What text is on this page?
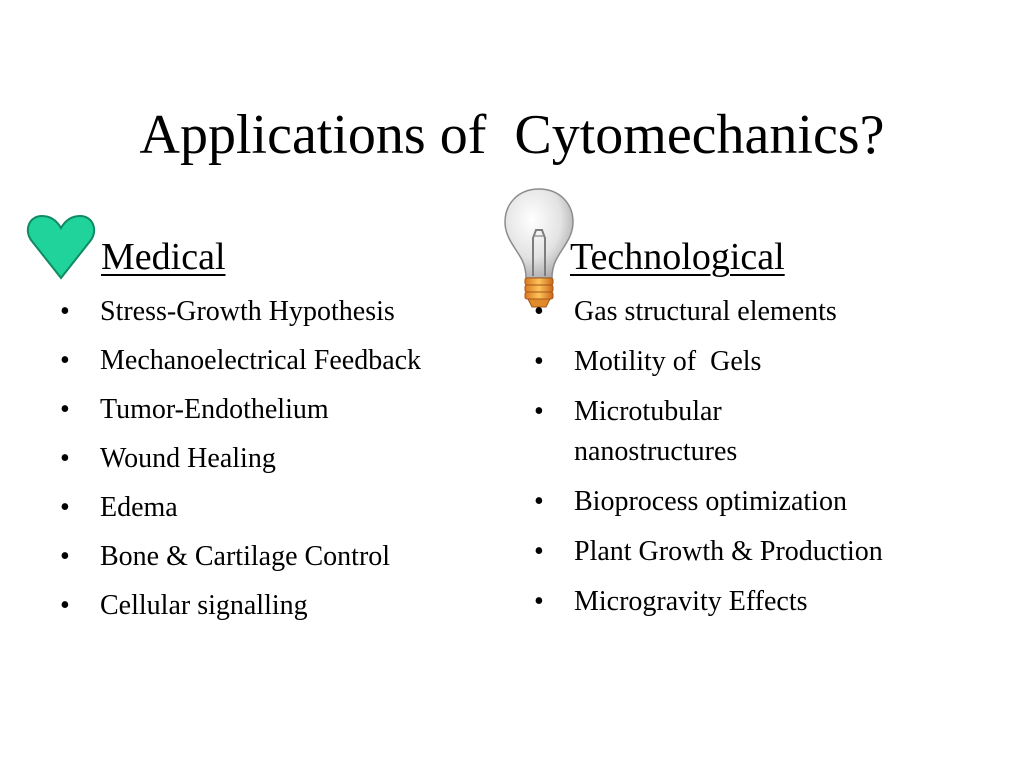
Applications of  Cytomechanics?
Medical
• Stress-Growth Hypothesis
• Mechanoelectrical Feedback
• Tumor-Endothelium
• Wound Healing
• Edema
• Bone & Cartilage Control
• Cellular signalling
Technological
• Gas structural elements
• Motility of  Gels
• Microtubular nanostructures
• Bioprocess optimization
• Plant Growth & Production
• Microgravity Effects
